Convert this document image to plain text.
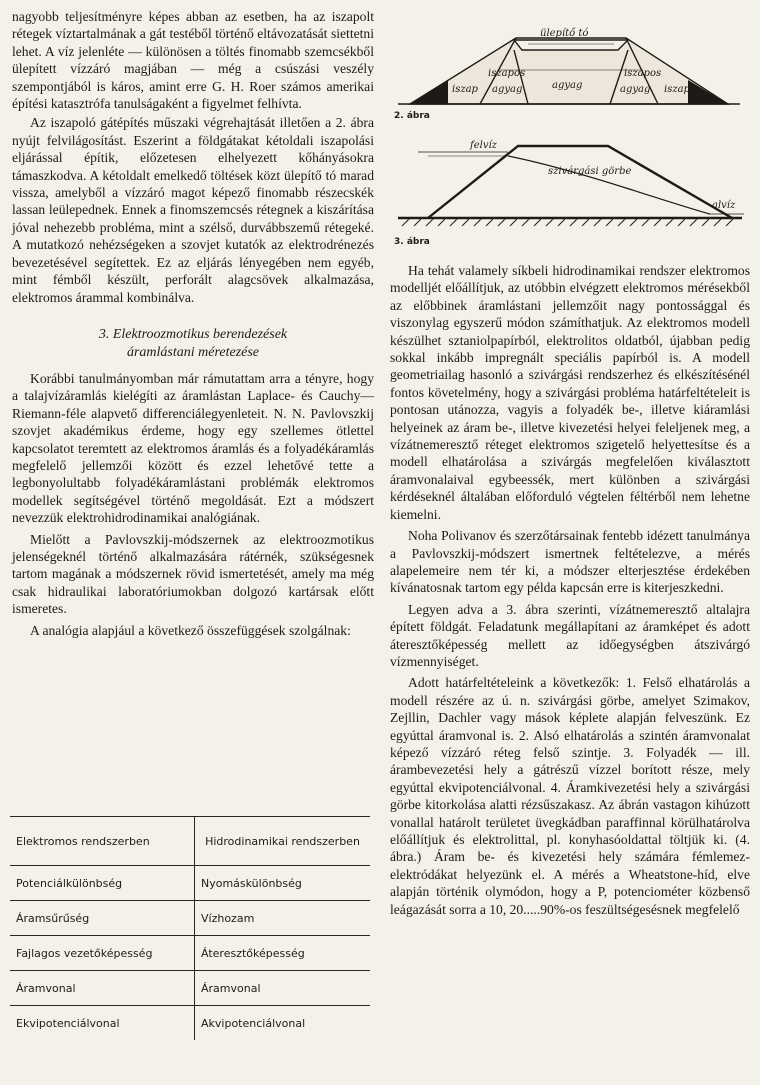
nagyobb teljesítményre képes abban az esetben, ha az iszapolt rétegek víztartalmának a gát testéből történő eltávozatását siettetni lehet. A víz jelenléte — különösen a töltés finomabb szemcsékből ülepített vízzáró magjában — még a csúszási veszély szempontjából is káros, amint erre G. H. Roer számos amerikai építési katasztrófa tanulságaként a figyelmet felhívta.

Az iszapoló gátépítés műszaki végrehajtását illetően a 2. ábra nyújt felvilágosítást. Eszerint a földgátakat kétoldali iszapolási eljárással építik, előzetesen elhelyezett kőhányásokra támaszkodva. A kétoldalt emelkedő töltések közt ülepítő tó marad vissza, amelyből a vízzáró magot képező finomabb részecskék lassan leülepednek. Ennek a finomszemcsés rétegnek a kiszárítása jóval nehezebb probléma, mint a szélső, durvábbszemű rétegeké. A mutatkozó nehézségeken a szovjet kutatók az elektrodrénezés bevezetésével segítettek. Ez az eljárás lényegében nem egyéb, mint fémből készült, perforált alagcsövek alkalmazása, elektromos árammal kombinálva.

3. Elektroozmotikus berendezések
áramlástani méretezése

Korábbi tanulmányomban már rámutattam arra a tényre, hogy a talajvízáramlás kielégíti az áramlástan Laplace- és Cauchy—Riemann-féle alapvető differenciálegyenleteit. N. N. Pavlovszkij szovjet akadémikus érdeme, hogy egy szellemes ötlettel kapcsolatot teremtett az elektromos áramlás és a folyadékáramlás megfelelő jellemzői között és ezzel lehetővé tette a legbonyolultabb folyadékáramlástani problémák elektromos modellek segítségével történő megoldását. Ezt a módszert nevezzük elektrohidrodinamikai analógiának.

Mielőtt a Pavlovszkij-módszernek az elektroozmotikus jelenségeknél történő alkalmazására rátérnék, szükségesnek tartom magának a módszernek rövid ismertetését, amely ma még csak hidraulikai laboratóriumokban dolgozó kartársak előtt ismeretes.

A analógia alapjául a következő összefüggések szolgálnak:

Elektromos rendszerben	Hidrodinamikai rendszerben
Potenciálkülönbség	Nyomáskülönbség
Áramsűrűség	Vízhozam
Fajlagos vezetőképesség	Áteresztőképesség
Áramvonal	Áramvonal
Ekvipotenciálvonal	Akvipotenciálvonal
ülepítő tó
agyag
iszapos
agyag
iszapos
agyag
iszap	iszap
2. ábra
felvíz
szivárgási görbe
alvíz
3. ábra

Ha tehát valamely síkbeli hidrodinamikai rendszer elektromos modelljét előállítjuk, az utóbbin elvégzett elektromos mérésekből az előbbinek áramlástani jellemzőit nagy pontossággal és viszonylag egyszerű módon számíthatjuk. Az elektromos modell készülhet sztaniolpapírból, elektrolitos oldatból, újabban pedig sokkal inkább impregnált speciális papírból is. A modell geometriailag hasonló a szivárgási rendszerhez és elkészítésénél fontos követelmény, hogy a szivárgási probléma határfeltételeit is pontosan utánozza, vagyis a folyadék be-, illetve kiáramlási helyeinek az áram be-, illetve kivezetési helyei feleljenek meg, a vízátnemeresztő réteget elektromos szigetelő helyettesítse és a modell elhatárolása a szivárgás megfelelően kiválasztott áramvonalaival egybeessék, mert különben a szivárgási kérdéseknél általában előforduló végtelen féltérből nem lehetne kiemelni.

Noha Polivanov és szerzőtársainak fentebb idézett tanulmánya a Pavlovszkij-módszert ismertnek feltételezve, a mérés alapelemeire nem tér ki, a módszer elterjesztése érdekében kívánatosnak tartom egy példa kapcsán erre is kiterjeszkedni.

Legyen adva a 3. ábra szerinti, vízátnemeresztő altalajra épített földgát. Feladatunk megállapítani az áramképet és adott áteresztőképesség mellett az időegységben átszivárgó vízmennyiséget.

Adott határfeltételeink a következők: 1. Felső elhatárolás a modell részére az ú. n. szivárgási görbe, amelyet Szimakov, Zejllin, Dachler vagy mások képlete alapján felveszünk. Ez egyúttal áramvonal is. 2. Alsó elhatárolás a szintén áramvonalat képező vízzáró réteg felső szintje. 3. Folyadék — ill. árambevezetési hely a gátrészű vízzel borított része, mely egyúttal ekvipotenciálvonal. 4. Áramkivezetési hely a szivárgási görbe kitorkolása alatti rézsűszakasz. Az ábrán vastagon kihúzott vonallal határolt területet üvegkádban paraffinnal körülhatárolva előállítjuk és elektrolittal, pl. konyhasóoldattal töltjük ki. (4. ábra.) Áram be- és kivezetési hely számára fémlemez-elektródákat helyezünk el. A mérés a Wheatstone-híd, elve alapján történik olymódon, hogy a P, potenciométer közbenső leágazását sorra a 10, 20.....90%-os feszültségesésnek megfelelő
